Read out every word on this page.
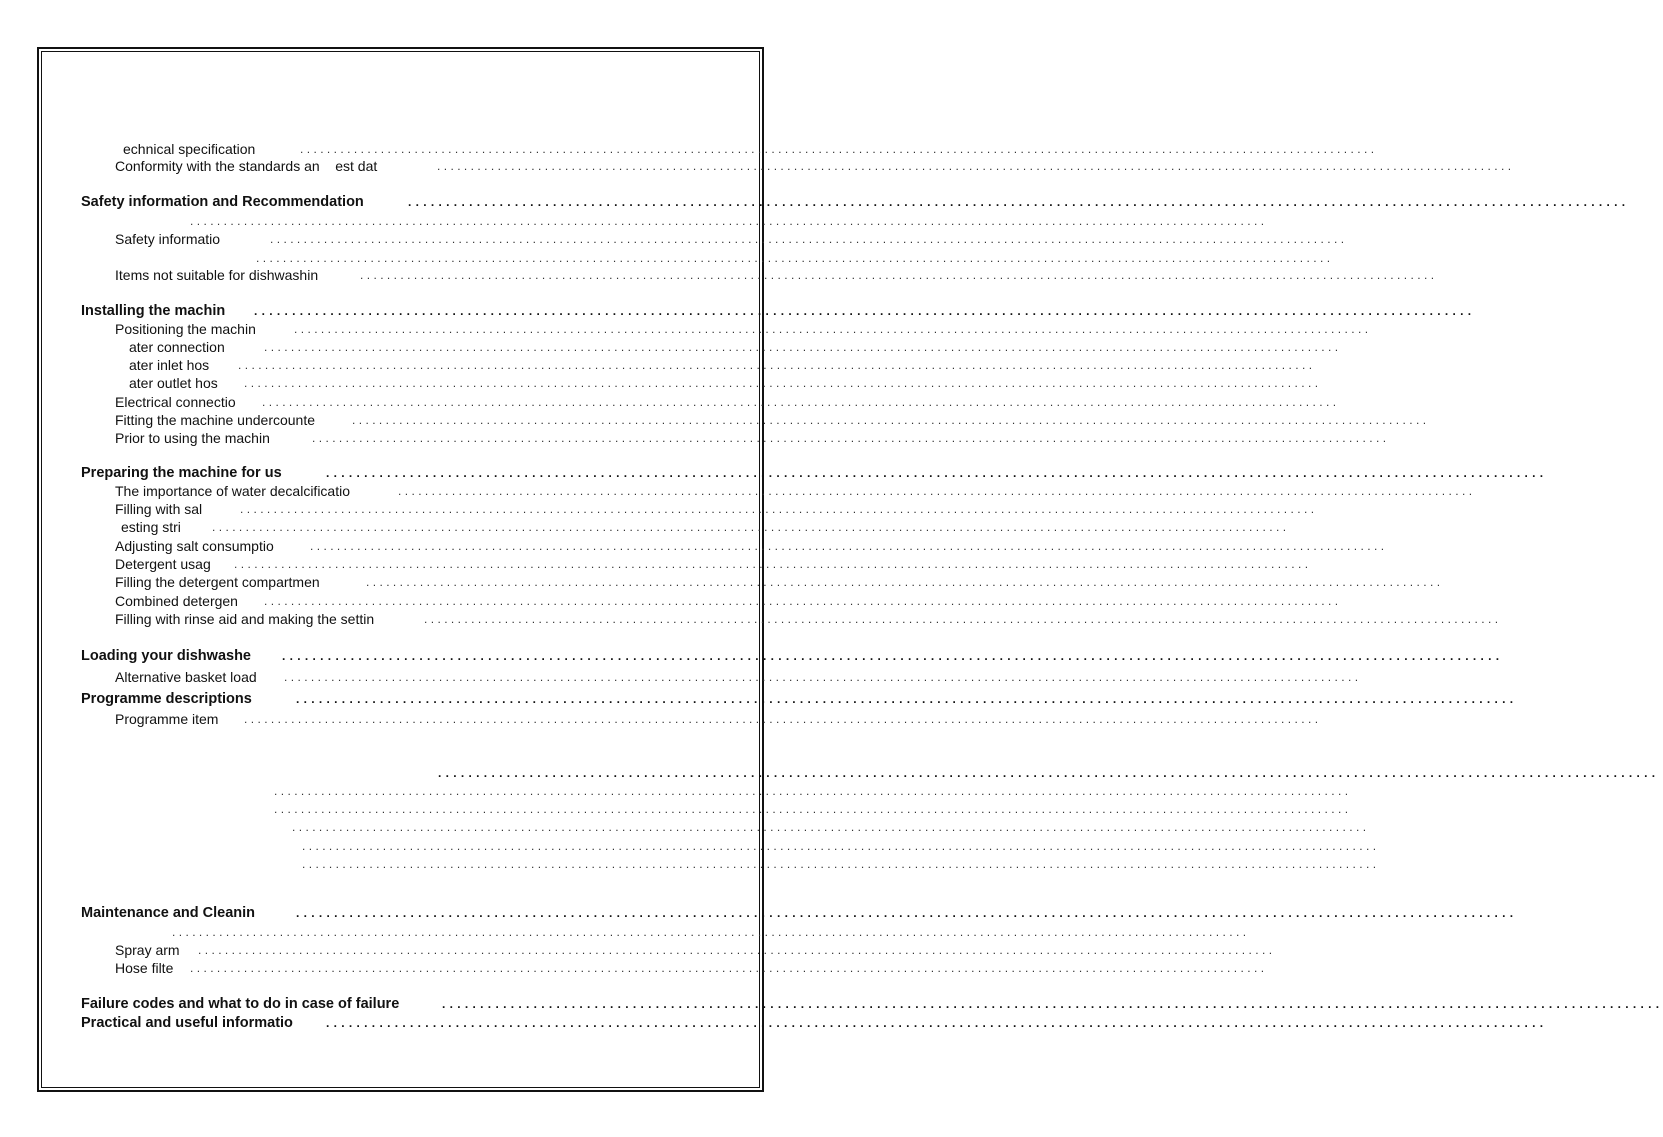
................................................................................................................................................................
echnical specification
................................................................................................................................................................
Conformity with the standards an    est dat
................................................................................................................................................................
Safety information and Recommendation
................................................................................................................................................................
................................................................................................................................................................
Safety informatio
................................................................................................................................................................
................................................................................................................................................................
Items not suitable for dishwashin
................................................................................................................................................................
Installing the machin
................................................................................................................................................................
Positioning the machin
................................................................................................................................................................
ater connection
................................................................................................................................................................
ater inlet hos
................................................................................................................................................................
ater outlet hos
................................................................................................................................................................
Electrical connectio
................................................................................................................................................................
Fitting the machine undercounte
................................................................................................................................................................
Prior to using the machin
................................................................................................................................................................
Preparing the machine for us
................................................................................................................................................................
The importance of water decalcificatio
................................................................................................................................................................
Filling with sal
................................................................................................................................................................
esting stri
................................................................................................................................................................
Adjusting salt consumptio
................................................................................................................................................................
Detergent usag
................................................................................................................................................................
Filling the detergent compartmen
................................................................................................................................................................
Combined detergen
................................................................................................................................................................
Filling with rinse aid and making the settin
................................................................................................................................................................
Loading your dishwashe
................................................................................................................................................................
Alternative basket load
................................................................................................................................................................
Programme descriptions
................................................................................................................................................................
Programme item
................................................................................................................................................................
................................................................................................................................................................
................................................................................................................................................................
................................................................................................................................................................
................................................................................................................................................................
................................................................................................................................................................
................................................................................................................................................................
Maintenance and Cleanin
................................................................................................................................................................
................................................................................................................................................................
Spray arm
................................................................................................................................................................
Hose filte
................................................................................................................................................................
Failure codes and what to do in case of failure
................................................................................................................................................................
Practical and useful informatio
